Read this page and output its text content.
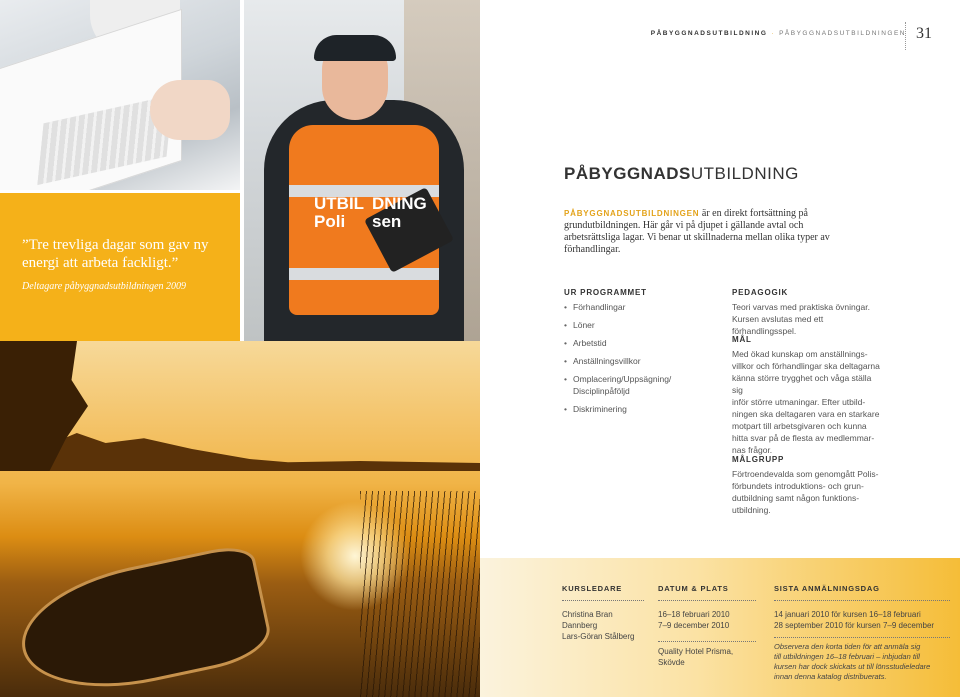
UTBIL
Poli
DNING
sen
”Tre trevliga dagar som gav ny energi att arbeta fackligt.”
Deltagare påbyggnadsutbildningen 2009
PÅBYGGNADSUTBILDNING · PÅBYGGNADSUTBILDNINGEN 31
PÅBYGGNADSUTBILDNING
PÅBYGGNADSUTBILDNINGEN är en direkt fortsättning på grundutbildningen. Här går vi på djupet i gällande avtal och arbetsrättsliga lagar. Vi benar ut skillnaderna mellan olika typer av förhandlingar.
UR PROGRAMMET
• Förhandlingar
• Löner
• Arbetstid
• Anställningsvillkor
• Omplacering/Uppsägning/ Disciplinpåföljd
• Diskriminering
PEDAGOGIK
Teori varvas med praktiska övningar.
Kursen avslutas med ett förhandlingsspel.
MÅL
Med ökad kunskap om anställnings-
villkor och förhandlingar ska deltagarna
känna större trygghet och våga ställa sig
inför större utmaningar. Efter utbild-
ningen ska deltagaren vara en starkare
motpart till arbetsgivaren och kunna
hitta svar på de flesta av medlemmar-
nas frågor.
MÅLGRUPP
Förtroendevalda som genomgått Polis-
förbundets introduktions- och grun-
dutbildning samt någon funktions-
utbildning.
KURSLEDARE
Christina Bran Dannberg
Lars-Göran Stålberg
DATUM & PLATS
16–18 februari 2010
7–9 december 2010
Quality Hotel Prisma, Skövde
SISTA ANMÄLNINGSDAG
14 januari 2010 för kursen 16–18 februari
28 september 2010 för kursen 7–9 december
Observera den korta tiden för att anmäla sig
till utbildningen 16–18 februari – inbjudan till
kursen har dock skickats ut till lönsstudieledare
innan denna katalog distribuerats.
